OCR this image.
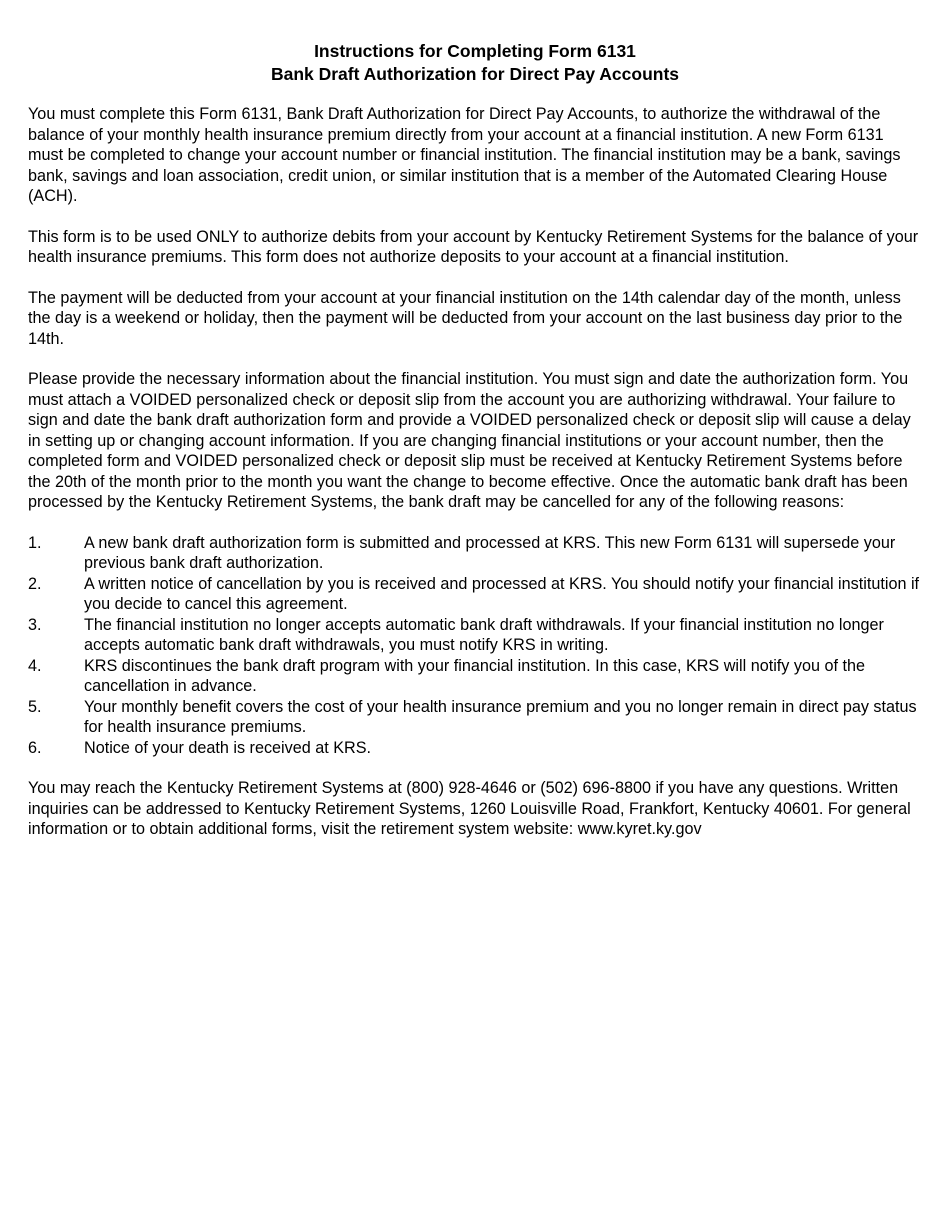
Instructions for Completing Form 6131
Bank Draft Authorization for Direct Pay Accounts

You must complete this Form 6131, Bank Draft Authorization for Direct Pay Accounts, to authorize the withdrawal of the balance of your monthly health insurance premium directly from your account at a financial institution. A new Form 6131 must be completed to change your account number or financial institution. The financial institution may be a bank, savings bank, savings and loan association, credit union, or similar institution that is a member of the Automated Clearing House (ACH).

This form is to be used ONLY to authorize debits from your account by Kentucky Retirement Systems for the balance of your health insurance premiums. This form does not authorize deposits to your account at a financial institution.

The payment will be deducted from your account at your financial institution on the 14th calendar day of the month, unless the day is a weekend or holiday, then the payment will be deducted from your account on the last business day prior to the 14th.

Please provide the necessary information about the financial institution. You must sign and date the authorization form. You must attach a VOIDED personalized check or deposit slip from the account you are authorizing withdrawal. Your failure to sign and date the bank draft authorization form and provide a VOIDED personalized check or deposit slip will cause a delay in setting up or changing account information. If you are changing financial institutions or your account number, then the completed form and VOIDED personalized check or deposit slip must be received at Kentucky Retirement Systems before the 20th of the month prior to the month you want the change to become effective. Once the automatic bank draft has been processed by the Kentucky Retirement Systems, the bank draft may be cancelled for any of the following reasons:

1.	A new bank draft authorization form is submitted and processed at KRS. This new Form 6131 will supersede your previous bank draft authorization.
2.	A written notice of cancellation by you is received and processed at KRS. You should notify your financial institution if you decide to cancel this agreement.
3.	The financial institution no longer accepts automatic bank draft withdrawals. If your financial institution no longer accepts automatic bank draft withdrawals, you must notify KRS in writing.
4.	KRS discontinues the bank draft program with your financial institution. In this case, KRS will notify you of the cancellation in advance.
5.	Your monthly benefit covers the cost of your health insurance premium and you no longer remain in direct pay status for health insurance premiums.
6.	Notice of your death is received at KRS.

You may reach the Kentucky Retirement Systems at (800) 928-4646 or (502) 696-8800 if you have any questions. Written inquiries can be addressed to Kentucky Retirement Systems, 1260 Louisville Road, Frankfort, Kentucky 40601. For general information or to obtain additional forms, visit the retirement system website: www.kyret.ky.gov
